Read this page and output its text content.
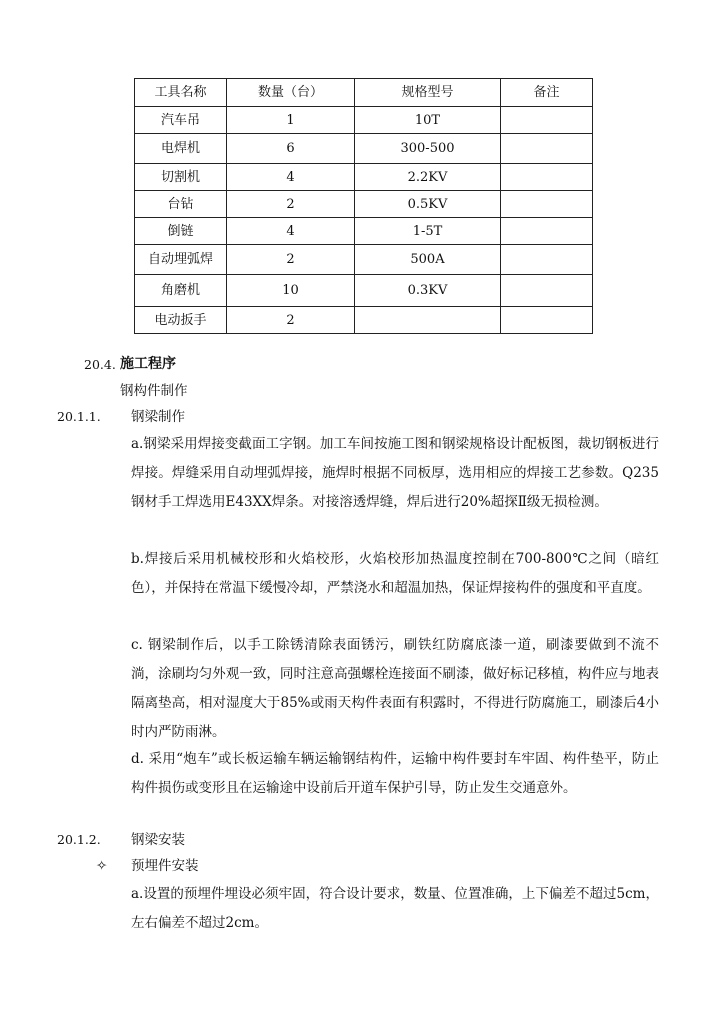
工具名称	数量（台）	规格型号	备注
汽车吊	1	10T	
电焊机	6	300-500	
切割机	4	2.2KV	
台钻	2	0.5KV	
倒链	4	1-5T	
自动埋弧焊	2	500A	
角磨机	10	0.3KV	
电动扳手	2		
20.4. 施工程序
钢构件制作
20.1.1. 钢梁制作
a.钢梁采用焊接变截面工字钢。加工车间按施工图和钢梁规格设计配板图，裁切钢板进行焊接。焊缝采用自动埋弧焊接，施焊时根据不同板厚，选用相应的焊接工艺参数。Q235钢材手工焊选用E43XX焊条。对接溶透焊缝，焊后进行20%超探Ⅱ级无损检测。
b.焊接后采用机械校形和火焰校形，火焰校形加热温度控制在700-800℃之间（暗红色），并保持在常温下缓慢冷却，严禁浇水和超温加热，保证焊接构件的强度和平直度。
c. 钢梁制作后，以手工除锈清除表面锈污，刷铁红防腐底漆一道，刷漆要做到不流不淌，涂刷均匀外观一致，同时注意高强螺栓连接面不刷漆，做好标记移植，构件应与地表隔离垫高，相对湿度大于85%或雨天构件表面有积露时，不得进行防腐施工，刷漆后4小时内严防雨淋。
d. 采用“炮车”或长板运输车辆运输钢结构件，运输中构件要封车牢固、构件垫平，防止构件损伤或变形且在运输途中设前后开道车保护引导，防止发生交通意外。
20.1.2. 钢梁安装
✧ 预埋件安装
a.设置的预埋件埋设必须牢固，符合设计要求，数量、位置准确，上下偏差不超过5cm，左右偏差不超过2cm。
